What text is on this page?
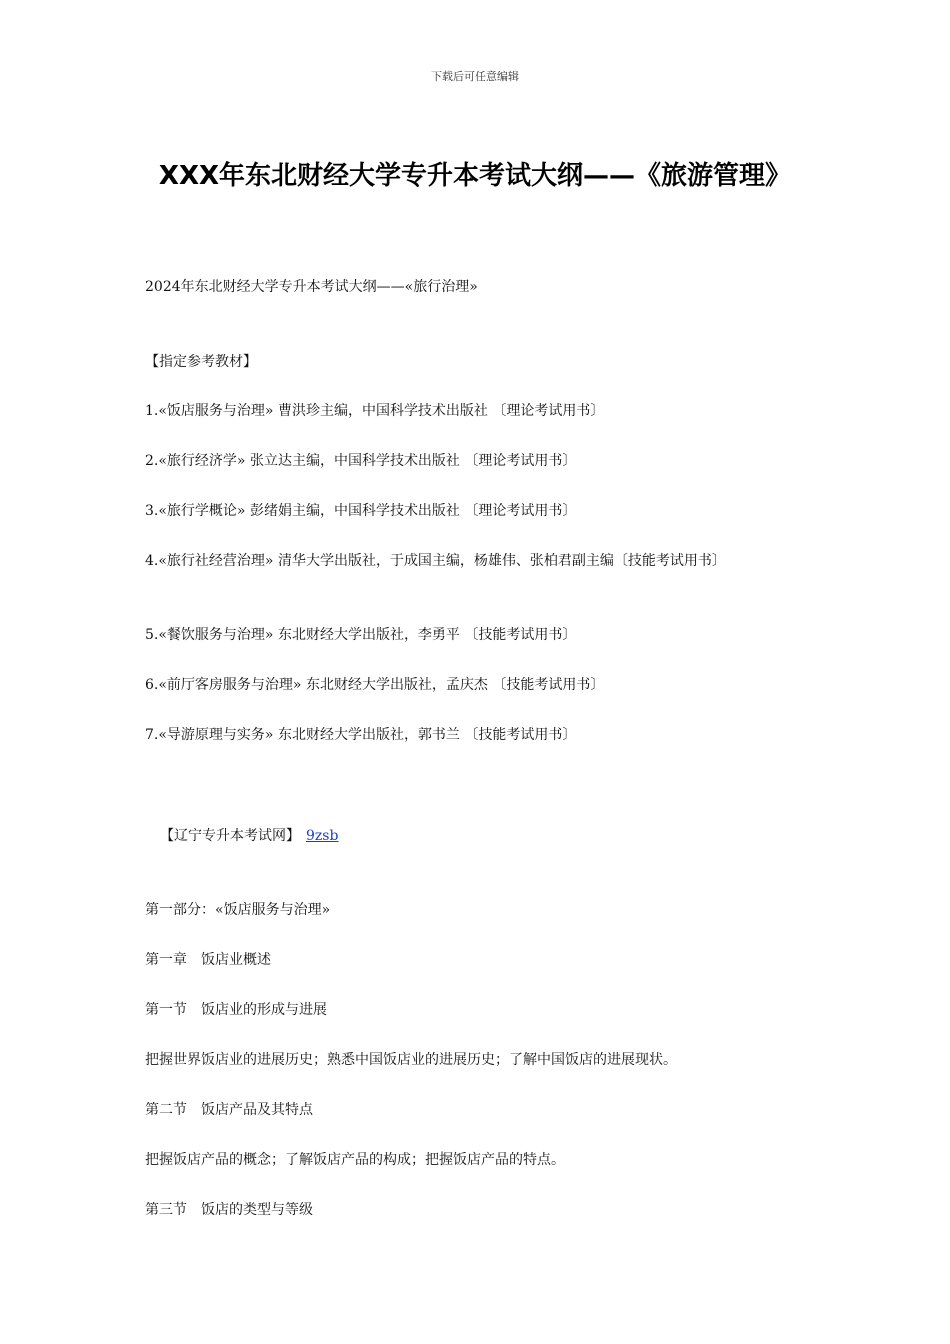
下载后可任意编辑
XXX年东北财经大学专升本考试大纲——《旅游管理》

2024年东北财经大学专升本考试大纲——«旅行治理»

【指定参考教材】

1.«饭店服务与治理» 曹洪珍主编，中国科学技术出版社 〔理论考试用书〕

2.«旅行经济学» 张立达主编，中国科学技术出版社 〔理论考试用书〕

3.«旅行学概论» 彭绪娟主编，中国科学技术出版社 〔理论考试用书〕

4.«旅行社经营治理» 清华大学出版社，于成国主编，杨雄伟、张柏君副主编〔技能考试用书〕

5.«餐饮服务与治理» 东北财经大学出版社，李勇平 〔技能考试用书〕

6.«前厅客房服务与治理» 东北财经大学出版社，孟庆杰 〔技能考试用书〕

7.«导游原理与实务» 东北财经大学出版社，郭书兰 〔技能考试用书〕

【辽宁专升本考试网】 9zsb

第一部分：«饭店服务与治理»

第一章　饭店业概述

第一节　饭店业的形成与进展

把握世界饭店业的进展历史；熟悉中国饭店业的进展历史；了解中国饭店的进展现状。

第二节　饭店产品及其特点

把握饭店产品的概念；了解饭店产品的构成；把握饭店产品的特点。

第三节　饭店的类型与等级
